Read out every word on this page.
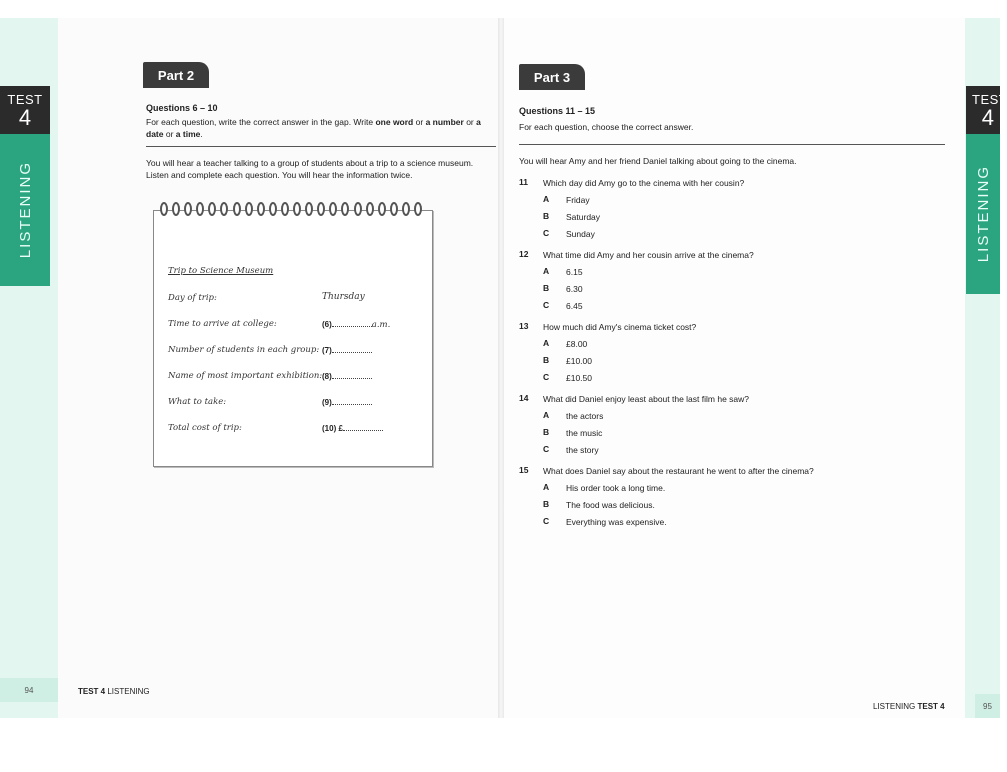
TEST
4
LISTENING
TEST
4
LISTENING
Part 2
Questions 6 – 10
For each question, write the correct answer in the gap. Write one word or a number or a date or a time.
You will hear a teacher talking to a group of students about a trip to a science museum.
Listen and complete each question. You will hear the information twice.
Trip to Science Museum
Day of trip:	Thursday
Time to arrive at college:	(6)	a.m.
Number of students in each group: (7)
Name of most important exhibition: (8)
What to take:	(9)
Total cost of trip:	(10) £
94	TEST 4 LISTENING
Part 3
Questions 11 – 15
For each question, choose the correct answer.
You will hear Amy and her friend Daniel talking about going to the cinema.
11 Which day did Amy go to the cinema with her cousin?
A Friday
B Saturday
C Sunday
12 What time did Amy and her cousin arrive at the cinema?
A 6.15
B 6.30
C 6.45
13 How much did Amy's cinema ticket cost?
A £8.00
B £10.00
C £10.50
14 What did Daniel enjoy least about the last film he saw?
A the actors
B the music
C the story
15 What does Daniel say about the restaurant he went to after the cinema?
A His order took a long time.
B The food was delicious.
C Everything was expensive.
LISTENING TEST 4	95
